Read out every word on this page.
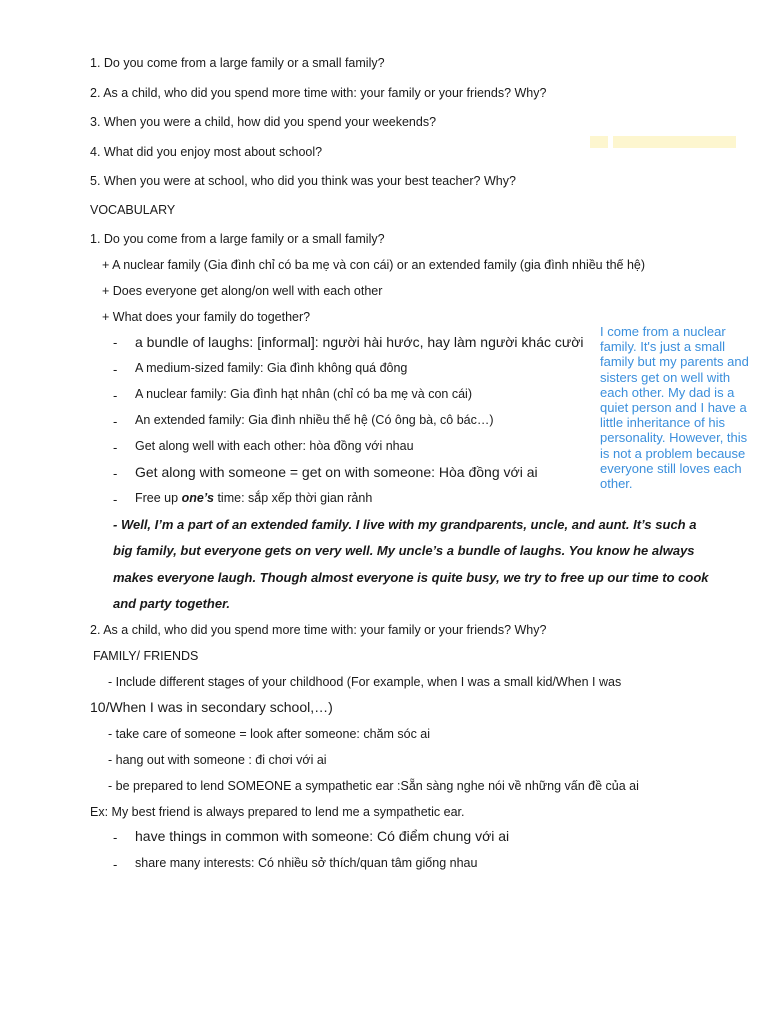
1. Do you come from a large family or a small family?
2. As a child, who did you spend more time with: your family or your friends? Why?
3. When you were a child, how did you spend your weekends?
4. What did you enjoy most about school?
5. When you were at school, who did you think was your best teacher? Why?
VOCABULARY
1. Do you come from a large family or a small family?
+ A nuclear family (Gia đình chỉ có ba mẹ và con cái) or an extended family (gia đình nhiều thế hệ)
+ Does everyone get along/on well with each other
+ What does your family do together?
- a bundle of laughs: [informal]: người hài hước, hay làm người khác cười
- A medium-sized family: Gia đình không quá đông
- A nuclear family: Gia đình hạt nhân (chỉ có ba mẹ và con cái)
- An extended family: Gia đình nhiều thế hệ (Có ông bà, cô bác…)
- Get along well with each other: hòa đồng với nhau
- Get along with someone = get on with someone: Hòa đồng với ai
- Free up one’s time: sắp xếp thời gian rảnh
- Well, I’m a part of an extended family. I live with my grandparents, uncle, and aunt. It’s such a
big family, but everyone gets on very well. My uncle’s a bundle of laughs. You know he always
makes everyone laugh. Though almost everyone is quite busy, we try to free up our time to cook
and party together.
I come from a nuclear family. It's just a small family but my parents and sisters get on well with each other. My dad is a quiet person and I have a little inheritance of his personality. However, this is not a problem because everyone still loves each other.
2. As a child, who did you spend more time with: your family or your friends? Why?
FAMILY/ FRIENDS
- Include different stages of your childhood (For example, when I was a small kid/When I was
10/When I was in secondary school,…)
- take care of someone = look after someone: chăm sóc ai
- hang out with someone : đi chơi với ai
- be prepared to lend SOMEONE a sympathetic ear :Sẵn sàng nghe nói về những vấn đề của ai
Ex: My best friend is always prepared to lend me a sympathetic ear.
- have things in common with someone: Có điểm chung với ai
- share many interests: Có nhiều sở thích/quan tâm giống nhau
